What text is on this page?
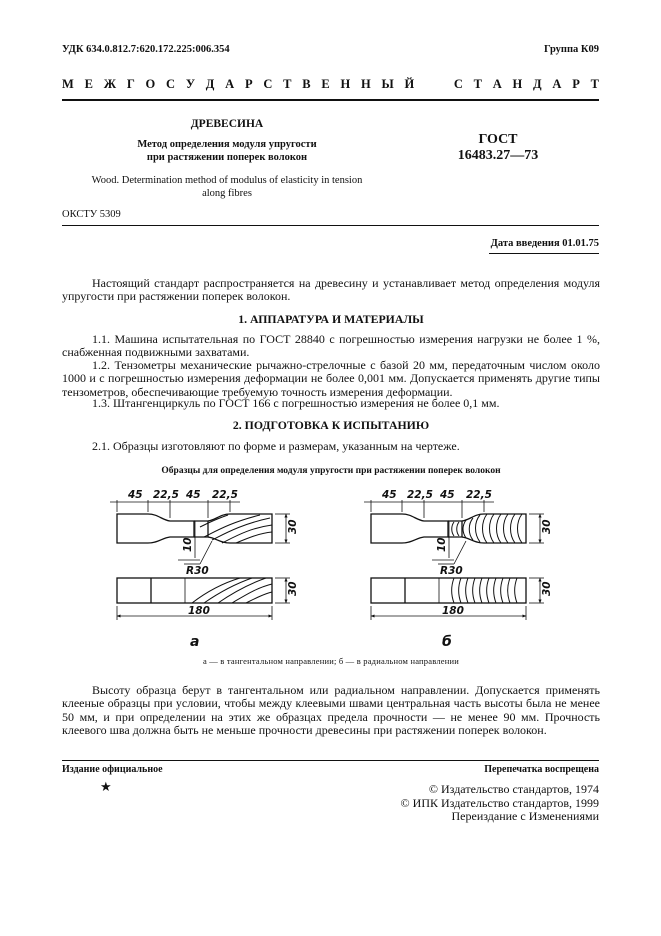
УДК 634.0.812.7:620.172.225:006.354	Группа К09
М Е Ж Г О С У Д А Р С Т В Е Н Н Ы Й	С Т А Н Д А Р Т
ДРЕВЕСИНА
Метод определения модуля упругости
при растяжении поперек волокон
Wood. Determination method of modulus of elasticity in tension
along fibres
ГОСТ
16483.27—73
ОКСТУ 5309
Дата введения 01.01.75
Настоящий стандарт распространяется на древесину и устанавливает метод определения модуля упругости при растяжении поперек волокон.
1. АППАРАТУРА И МАТЕРИАЛЫ
1.1. Машина испытательная по ГОСТ 28840 с погрешностью измерения нагрузки не более 1 %, снабженная подвижными захватами.
1.2. Тензометры механические рычажно-стрелочные с базой 20 мм, передаточным числом около 1000 и с погрешностью измерения деформации не более 0,001 мм. Допускается применять другие типы тензометров, обеспечивающие требуемую точность измерения деформации.
1.3. Штангенциркуль по ГОСТ 166 с погрешностью измерения не более 0,1 мм.
2. ПОДГОТОВКА К ИСПЫТАНИЮ
2.1. Образцы изготовляют по форме и размерам, указанным на чертеже.
Образцы для определения модуля упругости при растяжении поперек волокон
45 22,5 45 22,5
30
10
R30
30
180
а
45 22,5 45 22,5
30
10
R30
30
180
б
а — в тангентальном направлении; б — в радиальном направлении
Высоту образца берут в тангентальном или радиальном направлении. Допускается применять клееные образцы при условии, чтобы между клеевыми швами центральная часть высоты была не менее 50 мм, и при определении на этих же образцах предела прочности — не менее 90 мм. Прочность клеевого шва должна быть не меньше прочности древесины при растяжении поперек волокон.
Издание официальное	Перепечатка воспрещена
★	© Издательство стандартов, 1974
© ИПК Издательство стандартов, 1999
Переиздание с Изменениями
